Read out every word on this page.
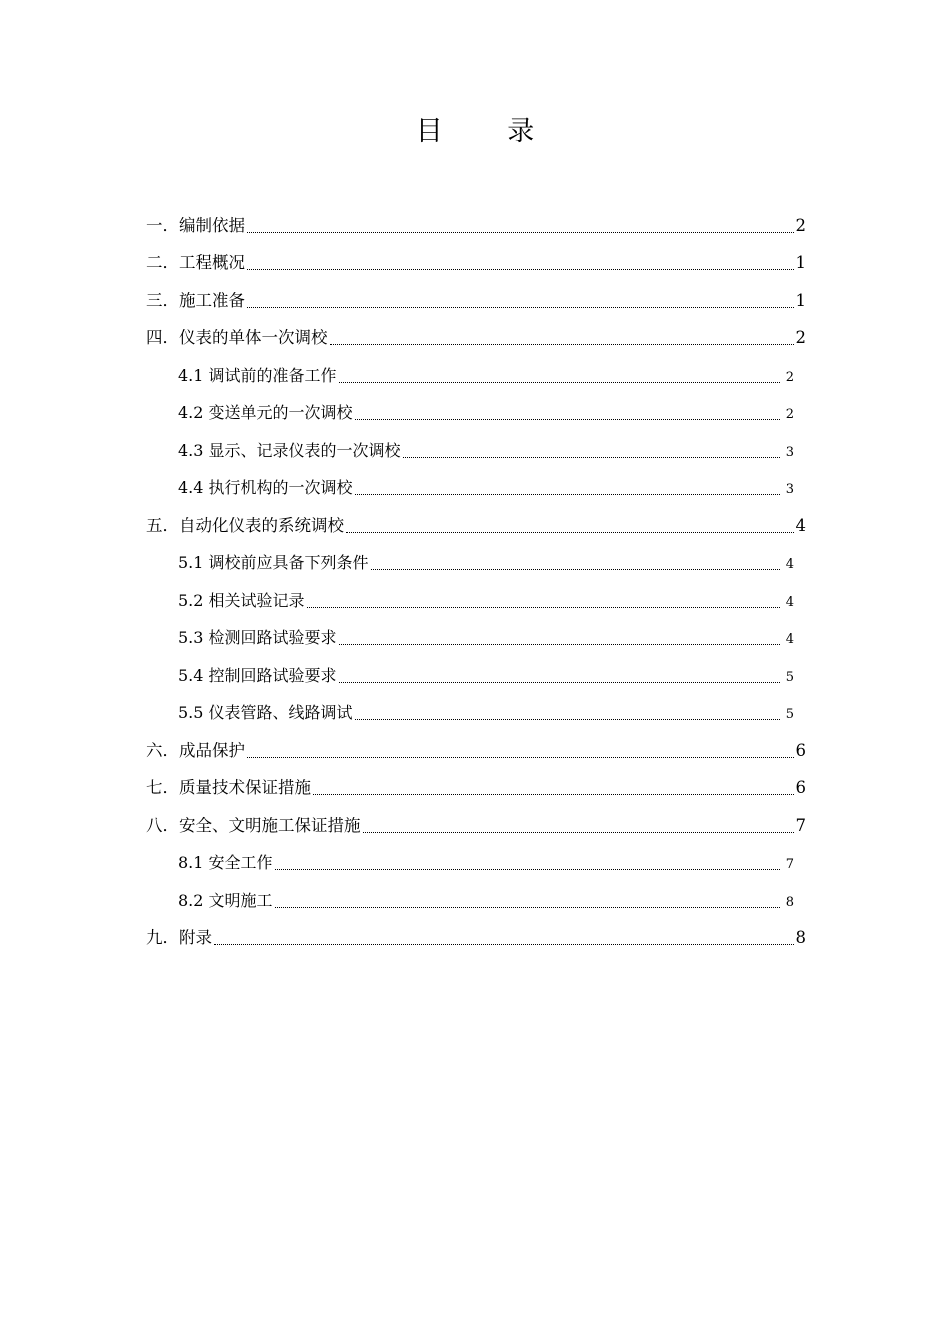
目 录
一．编制依据	2
二．工程概况	1
三．施工准备	1
四．仪表的单体一次调校	2
4.1 调试前的准备工作	2
4.2 变送单元的一次调校	2
4.3 显示、记录仪表的一次调校	3
4.4 执行机构的一次调校	3
五．自动化仪表的系统调校	4
5.1 调校前应具备下列条件	4
5.2 相关试验记录	4
5.3 检测回路试验要求	4
5.4 控制回路试验要求	5
5.5 仪表管路、线路调试	5
六．成品保护	6
七．质量技术保证措施	6
八．安全、文明施工保证措施	7
8.1 安全工作	7
8.2 文明施工	8
九．附录	8
